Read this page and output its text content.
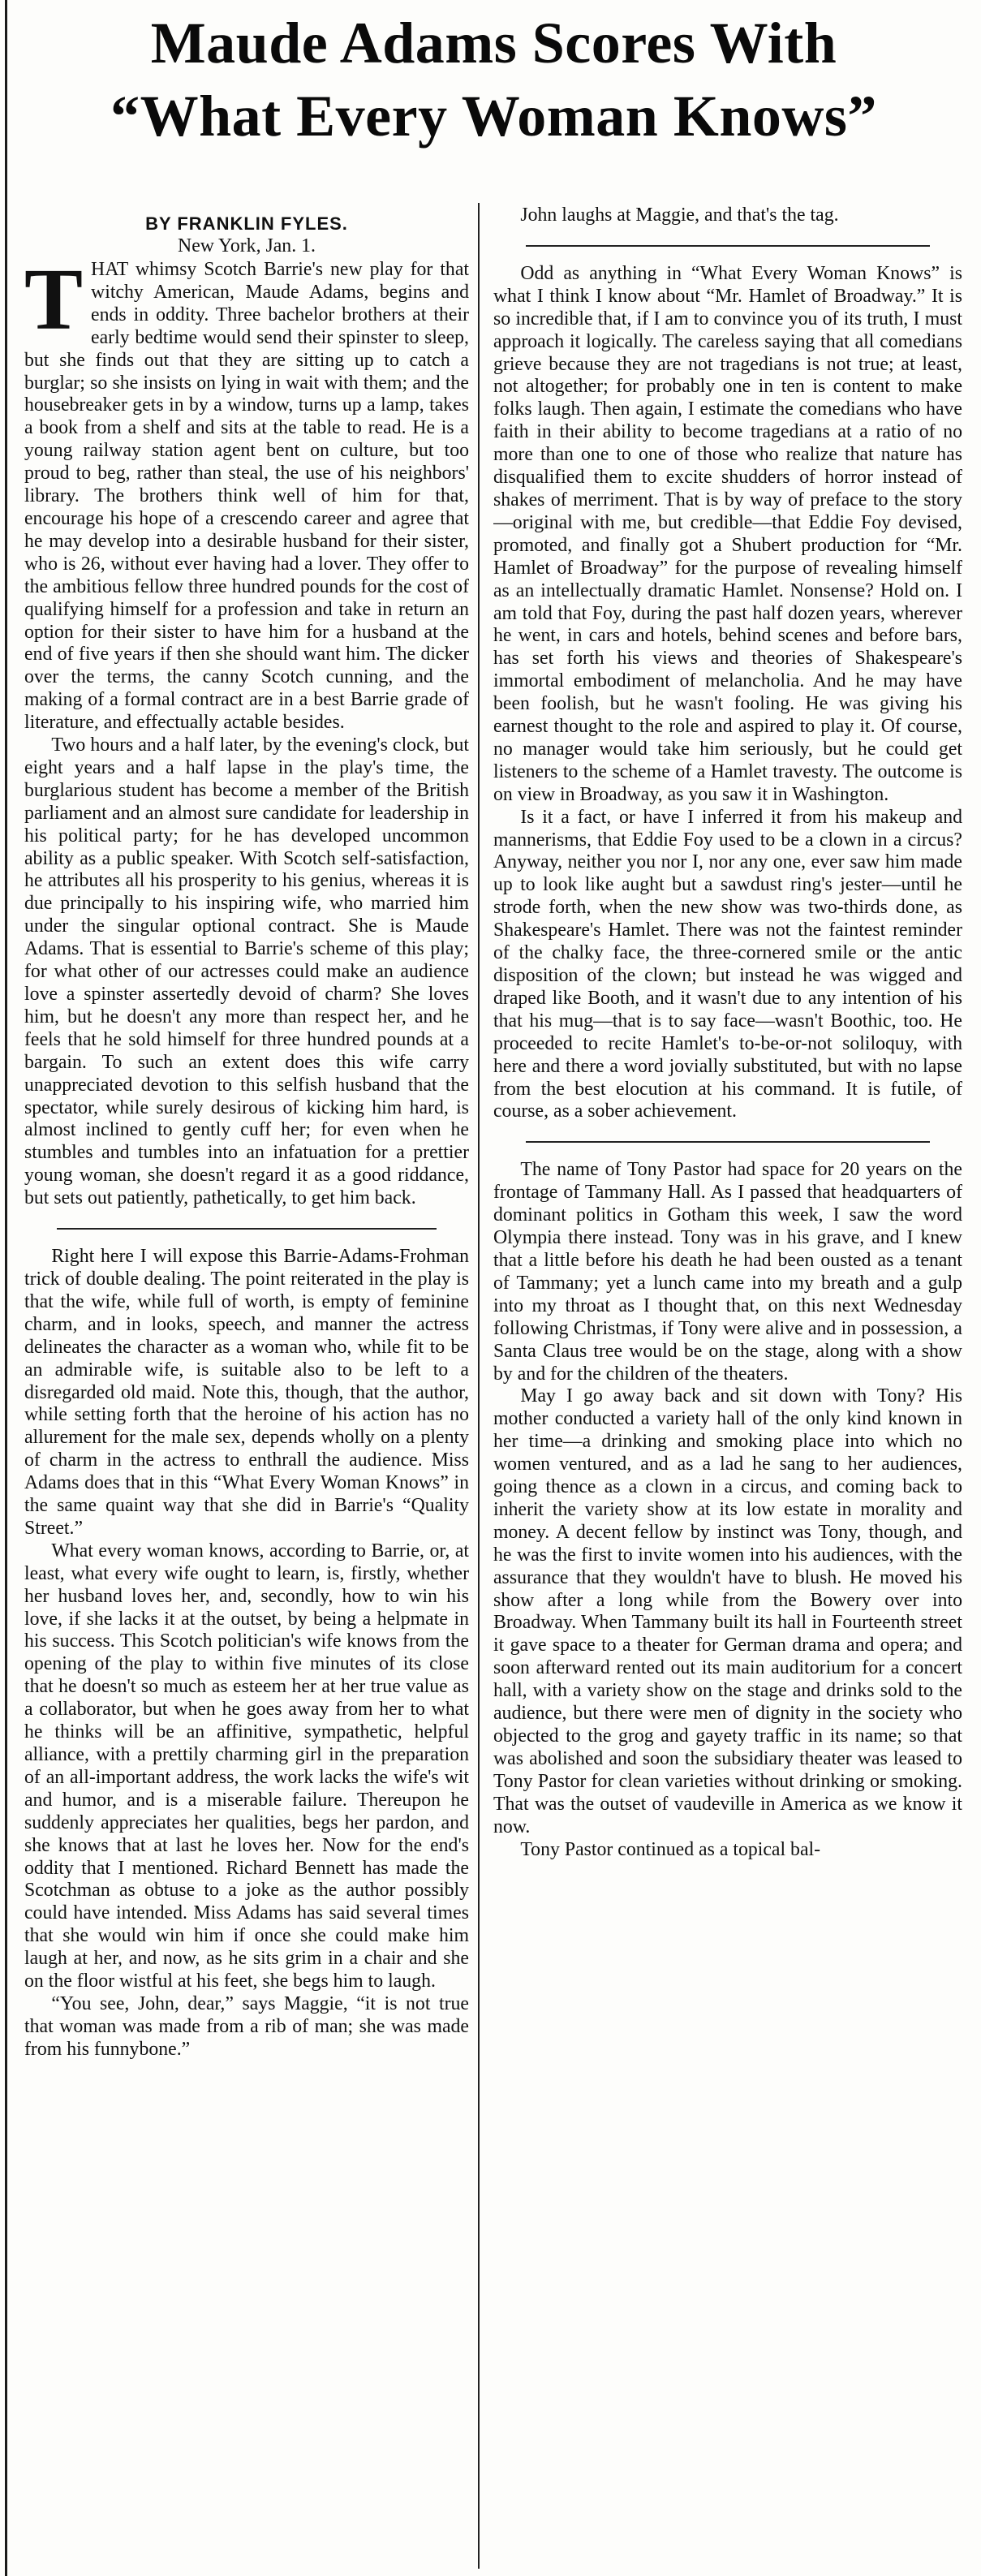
Maude Adams Scores With
“What Every Woman Knows”
BY FRANKLIN FYLES.
New York, Jan. 1.

THAT whimsy Scotch Barrie's new play for that witchy American, Maude Adams, begins and ends in oddity. Three bachelor brothers at their early bedtime would send their spinster to sleep, but she finds out that they are sitting up to catch a burglar; so she insists on lying in wait with them; and the housebreaker gets in by a window, turns up a lamp, takes a book from a shelf and sits at the table to read. He is a young railway station agent bent on culture, but too proud to beg, rather than steal, the use of his neighbors' library. The brothers think well of him for that, encourage his hope of a crescendo career and agree that he may develop into a desirable husband for their sister, who is 26, without ever having had a lover. They offer to the ambitious fellow three hundred pounds for the cost of qualifying himself for a profession and take in return an option for their sister to have him for a husband at the end of five years if then she should want him. The dicker over the terms, the canny Scotch cunning, and the making of a formal contract are in a best Barrie grade of literature, and effectually actable besides.

Two hours and a half later, by the evening's clock, but eight years and a half lapse in the play's time, the burglarious student has become a member of the British parliament and an almost sure candidate for leadership in his political party; for he has developed uncommon ability as a public speaker. With Scotch self-satisfaction, he attributes all his prosperity to his genius, whereas it is due principally to his inspiring wife, who married him under the singular optional contract. She is Maude Adams. That is essential to Barrie's scheme of this play; for what other of our actresses could make an audience love a spinster assertedly devoid of charm? She loves him, but he doesn't any more than respect her, and he feels that he sold himself for three hundred pounds at a bargain. To such an extent does this wife carry unappreciated devotion to this selfish husband that the spectator, while surely desirous of kicking him hard, is almost inclined to gently cuff her; for even when he stumbles and tumbles into an infatuation for a prettier young woman, she doesn't regard it as a good riddance, but sets out patiently, pathetically, to get him back.

Right here I will expose this Barrie-Adams-Frohman trick of double dealing. The point reiterated in the play is that the wife, while full of worth, is empty of feminine charm, and in looks, speech, and manner the actress delineates the character as a woman who, while fit to be an admirable wife, is suitable also to be left to a disregarded old maid. Note this, though, that the author, while setting forth that the heroine of his action has no allurement for the male sex, depends wholly on a plenty of charm in the actress to enthrall the audience. Miss Adams does that in this “What Every Woman Knows” in the same quaint way that she did in Barrie's “Quality Street.”

What every woman knows, according to Barrie, or, at least, what every wife ought to learn, is, firstly, whether her husband loves her, and, secondly, how to win his love, if she lacks it at the outset, by being a helpmate in his success. This Scotch politician's wife knows from the opening of the play to within five minutes of its close that he doesn't so much as esteem her at her true value as a collaborator, but when he goes away from her to what he thinks will be an affinitive, sympathetic, helpful alliance, with a prettily charming girl in the preparation of an all-important address, the work lacks the wife's wit and humor, and is a miserable failure. Thereupon he suddenly appreciates her qualities, begs her pardon, and she knows that at last he loves her. Now for the end's oddity that I mentioned. Richard Bennett has made the Scotchman as obtuse to a joke as the author possibly could have intended. Miss Adams has said several times that she would win him if once she could make him laugh at her, and now, as he sits grim in a chair and she on the floor wistful at his feet, she begs him to laugh.

“You see, John, dear,” says Maggie, “it is not true that woman was made from a rib of man; she was made from his funnybone.”

John laughs at Maggie, and that's the tag.

Odd as anything in “What Every Woman Knows” is what I think I know about “Mr. Hamlet of Broadway.” It is so incredible that, if I am to convince you of its truth, I must approach it logically. The careless saying that all comedians grieve because they are not tragedians is not true; at least, not altogether; for probably one in ten is content to make folks laugh. Then again, I estimate the comedians who have faith in their ability to become tragedians at a ratio of no more than one to one of those who realize that nature has disqualified them to excite shudders of horror instead of shakes of merriment. That is by way of preface to the story—original with me, but credible—that Eddie Foy devised, promoted, and finally got a Shubert production for “Mr. Hamlet of Broadway” for the purpose of revealing himself as an intellectually dramatic Hamlet. Nonsense? Hold on. I am told that Foy, during the past half dozen years, wherever he went, in cars and hotels, behind scenes and before bars, has set forth his views and theories of Shakespeare's immortal embodiment of melancholia. And he may have been foolish, but he wasn't fooling. He was giving his earnest thought to the role and aspired to play it. Of course, no manager would take him seriously, but he could get listeners to the scheme of a Hamlet travesty. The outcome is on view in Broadway, as you saw it in Washington.

Is it a fact, or have I inferred it from his makeup and mannerisms, that Eddie Foy used to be a clown in a circus? Anyway, neither you nor I, nor any one, ever saw him made up to look like aught but a sawdust ring's jester—until he strode forth, when the new show was two-thirds done, as Shakespeare's Hamlet. There was not the faintest reminder of the chalky face, the three-cornered smile or the antic disposition of the clown; but instead he was wigged and draped like Booth, and it wasn't due to any intention of his that his mug—that is to say face—wasn't Boothic, too. He proceeded to recite Hamlet's to-be-or-not soliloquy, with here and there a word jovially substituted, but with no lapse from the best elocution at his command. It is futile, of course, as a sober achievement.

The name of Tony Pastor had space for 20 years on the frontage of Tammany Hall. As I passed that headquarters of dominant politics in Gotham this week, I saw the word Olympia there instead. Tony was in his grave, and I knew that a little before his death he had been ousted as a tenant of Tammany; yet a lunch came into my breath and a gulp into my throat as I thought that, on this next Wednesday following Christmas, if Tony were alive and in possession, a Santa Claus tree would be on the stage, along with a show by and for the children of the theaters.

May I go away back and sit down with Tony? His mother conducted a variety hall of the only kind known in her time—a drinking and smoking place into which no women ventured, and as a lad he sang to her audiences, going thence as a clown in a circus, and coming back to inherit the variety show at its low estate in morality and money. A decent fellow by instinct was Tony, though, and he was the first to invite women into his audiences, with the assurance that they wouldn't have to blush. He moved his show after a long while from the Bowery over into Broadway. When Tammany built its hall in Fourteenth street it gave space to a theater for German drama and opera; and soon afterward rented out its main auditorium for a concert hall, with a variety show on the stage and drinks sold to the audience, but there were men of dignity in the society who objected to the grog and gayety traffic in its name; so that was abolished and soon the subsidiary theater was leased to Tony Pastor for clean varieties without drinking or smoking. That was the outset of vaudeville in America as we know it now.

Tony Pastor continued as a topical bal-
